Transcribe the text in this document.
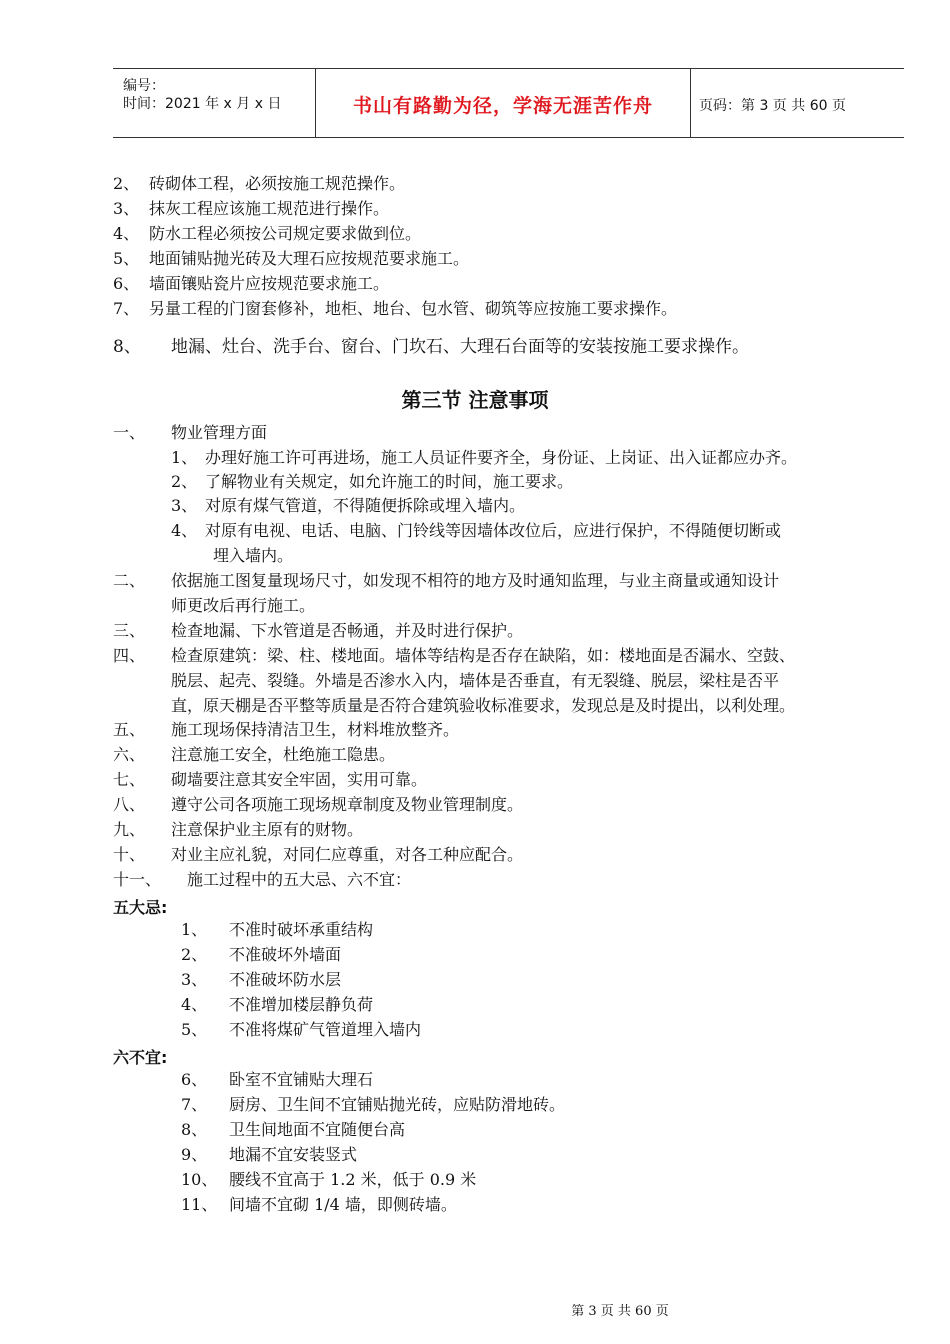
编号：
时间：2021 年 x 月 x 日	书山有路勤为径，学海无涯苦作舟	页码：第 3 页 共 60 页
2、 砖砌体工程，必须按施工规范操作。
3、 抹灰工程应该施工规范进行操作。
4、 防水工程必须按公司规定要求做到位。
5、 地面铺贴抛光砖及大理石应按规范要求施工。
6、 墙面镶贴瓷片应按规范要求施工。
7、 另量工程的门窗套修补，地柜、地台、包水管、砌筑等应按施工要求操作。
8、 地漏、灶台、洗手台、窗台、门坎石、大理石台面等的安装按施工要求操作。
第三节 注意事项
一、 物业管理方面
1、 办理好施工许可再进场，施工人员证件要齐全，身份证、上岗证、出入证都应办齐。
2、 了解物业有关规定，如允许施工的时间，施工要求。
3、 对原有煤气管道，不得随便拆除或埋入墙内。
4、 对原有电视、电话、电脑、门铃线等因墙体改位后，应进行保护，不得随便切断或
埋入墙内。
二、 依据施工图复量现场尺寸，如发现不相符的地方及时通知监理，与业主商量或通知设计
师更改后再行施工。
三、 检查地漏、下水管道是否畅通，并及时进行保护。
四、 检查原建筑：梁、柱、楼地面。墙体等结构是否存在缺陷，如：楼地面是否漏水、空鼓、
脱层、起壳、裂缝。外墙是否渗水入内，墙体是否垂直，有无裂缝、脱层，梁柱是否平
直，原天棚是否平整等质量是否符合建筑验收标准要求，发现总是及时提出，以利处理。
五、 施工现场保持清洁卫生，材料堆放整齐。
六、 注意施工安全，杜绝施工隐患。
七、 砌墙要注意其安全牢固，实用可靠。
八、 遵守公司各项施工现场规章制度及物业管理制度。
九、 注意保护业主原有的财物。
十、 对业主应礼貌，对同仁应尊重，对各工种应配合。
十一、 施工过程中的五大忌、六不宜：
五大忌:
1、 不准时破坏承重结构
2、 不准破坏外墙面
3、 不准破坏防水层
4、 不准增加楼层静负荷
5、 不准将煤矿气管道埋入墙内
六不宜:
6、 卧室不宜铺贴大理石
7、 厨房、卫生间不宜铺贴抛光砖，应贴防滑地砖。
8、 卫生间地面不宜随便台高
9、 地漏不宜安装竖式
10、 腰线不宜高于 1.2 米，低于 0.9 米
11、 间墙不宜砌 1/4 墙，即侧砖墙。
第 3 页 共 60 页
